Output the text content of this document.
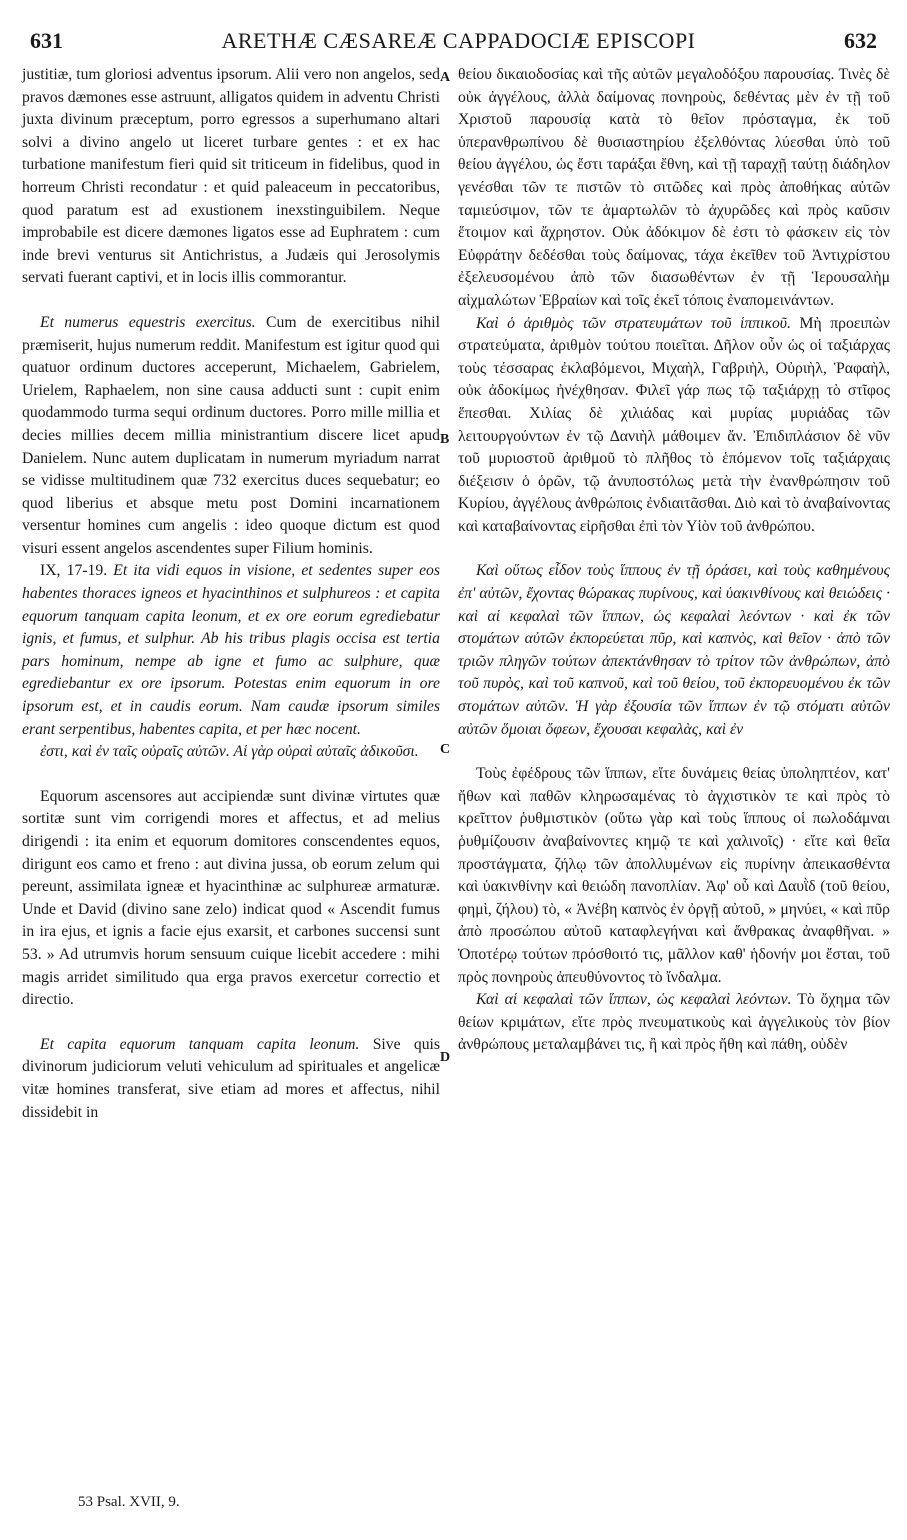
631	ARETHÆ CÆSAREÆ CAPPADOCIÆ EPISCOPI	632
A
B
C
D

justitiæ, tum gloriosi adventus ipsorum. Alii vero non angelos, sed pravos dæmones esse astruunt, alligatos quidem in adventu Christi juxta divinum præceptum, porro egressos a superhumano altari solvi a divino angelo ut liceret turbare gentes : et ex hac turbatione manifestum fieri quid sit triticeum in fidelibus, quod in horreum Christi recondatur : et quid paleaceum in peccatoribus, quod paratum est ad exustionem inexstinguibilem. Neque improbabile est dicere dæmones ligatos esse ad Euphratem : cum inde brevi venturus sit Antichristus, a Judæis qui Jerosolymis servati fuerant captivi, et in locis illis commorantur.

Et numerus equestris exercitus. Cum de exercitibus nihil præmiserit, hujus numerum reddit. Manifestum est igitur quod qui quatuor ordinum ductores acceperunt, Michaelem, Gabrielem, Urielem, Raphaelem, non sine causa adducti sunt : cupit enim quodammodo turma sequi ordinum ductores. Porro mille millia et decies millies decem millia ministrantium discere licet apud Danielem. Nunc autem duplicatam in numerum myriadum narrat se vidisse multitudinem quæ 732 exercitus duces sequebatur; eo quod liberius et absque metu post Domini incarnationem versentur homines cum angelis : ideo quoque dictum est quod visuri essent angelos ascendentes super Filium hominis.

IX, 17-19. Et ita vidi equos in visione, et sedentes super eos habentes thoraces igneos et hyacinthinos et sulphureos : et capita equorum tanquam capita leonum, et ex ore eorum egrediebatur ignis, et fumus, et sulphur. Ab his tribus plagis occisa est tertia pars hominum, nempe ab igne et fumo ac sulphure, quæ egrediebantur ex ore ipsorum. Potestas enim equorum in ore ipsorum est, et in caudis eorum. Nam caudæ ipsorum similes erant serpentibus, habentes capita, et per hæc nocent.

ἐστι, καὶ ἐν ταῖς οὐραῖς αὐτῶν. Αἱ γὰρ οὐραὶ αὐταῖς ἀδικοῦσι.

Equorum ascensores aut accipiendæ sunt divinæ virtutes quæ sortitæ sunt vim corrigendi mores et affectus, et ad melius dirigendi : ita enim et equorum domitores conscendentes equos, dirigunt eos camo et freno : aut divina jussa, ob eorum zelum qui pereunt, assimilata igneæ et hyacinthinæ ac sulphureæ armaturæ. Unde et David (divino sane zelo) indicat quod « Ascendit fumus in ira ejus, et ignis a facie ejus exarsit, et carbones succensi sunt 53. » Ad utrumvis horum sensuum cuique licebit accedere : mihi magis arridet similitudo qua erga pravos exercetur correctio et directio.

Et capita equorum tanquam capita leonum. Sive quis divinorum judiciorum veluti vehiculum ad spirituales et angelicæ vitæ homines transferat, sive etiam ad mores et affectus, nihil dissidebit in

θείου δικαιοδοσίας καὶ τῆς αὐτῶν μεγαλοδόξου παρουσίας. Τινὲς δὲ οὐκ ἀγγέλους, ἀλλὰ δαίμονας πονηροὺς, δεθέντας μὲν ἐν τῇ τοῦ Χριστοῦ παρουσίᾳ κατὰ τὸ θεῖον πρόσταγμα, ἐκ τοῦ ὑπερανθρωπίνου δὲ θυσιαστηρίου ἐξελθόντας λύεσθαι ὑπὸ τοῦ θείου ἀγγέλου, ὡς ἔστι ταράξαι ἔθνη, καὶ τῇ ταραχῇ ταύτῃ διάδηλον γενέσθαι τῶν τε πιστῶν τὸ σιτῶδες καὶ πρὸς ἀποθήκας αὐτῶν ταμιεύσιμον, τῶν τε ἁμαρτωλῶν τὸ ἀχυρῶδες καὶ πρὸς καῦσιν ἕτοιμον καὶ ἄχρηστον. Οὐκ ἀδόκιμον δὲ ἐστι τὸ φάσκειν εἰς τὸν Εὐφράτην δεδέσθαι τοὺς δαίμονας, τάχα ἐκεῖθεν τοῦ Ἀντιχρίστου ἐξελευσομένου ἀπὸ τῶν διασωθέντων ἐν τῇ Ἱερουσαλὴμ αἰχμαλώτων Ἑβραίων καὶ τοῖς ἐκεῖ τόποις ἐναπομεινάντων.

Καὶ ὁ ἀριθμὸς τῶν στρατευμάτων τοῦ ἱππικοῦ. Μὴ προειπὼν στρατεύματα, ἀριθμὸν τούτου ποιεῖται. Δῆλον οὖν ὡς οἱ ταξιάρχας τοὺς τέσσαρας ἐκλαβόμενοι, Μιχαὴλ, Γαβριὴλ, Οὐριὴλ, Ῥαφαὴλ, οὐκ ἀδοκίμως ἠνέχθησαν. Φιλεῖ γάρ πως τῷ ταξιάρχῃ τὸ στῖφος ἕπεσθαι. Χιλίας δὲ χιλιάδας καὶ μυρίας μυριάδας τῶν λειτουργούντων ἐν τῷ Δανιὴλ μάθοιμεν ἄν. Ἐπιδιπλάσιον δὲ νῦν τοῦ μυριοστοῦ ἀριθμοῦ τὸ πλῆθος τὸ ἑπόμενον τοῖς ταξιάρχαις διέξεισιν ὁ ὁρῶν, τῷ ἀνυποστόλως μετὰ τὴν ἐνανθρώπησιν τοῦ Κυρίου, ἀγγέλους ἀνθρώποις ἐνδιαιτᾶσθαι. Διὸ καὶ τὸ ἀναβαίνοντας καὶ καταβαίνοντας εἰρῆσθαι ἐπὶ τὸν Υἱὸν τοῦ ἀνθρώπου.

Καὶ οὕτως εἶδον τοὺς ἵππους ἐν τῇ ὁράσει, καὶ τοὺς καθημένους ἐπ' αὐτῶν, ἔχοντας θώρακας πυρίνους, καὶ ὑακινθίνους καὶ θειώδεις · καὶ αἱ κεφαλαὶ τῶν ἵππων, ὡς κεφαλαὶ λεόντων · καὶ ἐκ τῶν στομάτων αὐτῶν ἐκπορεύεται πῦρ, καὶ καπνὸς, καὶ θεῖον · ἀπὸ τῶν τριῶν πληγῶν τούτων ἀπεκτάνθησαν τὸ τρίτον τῶν ἀνθρώπων, ἀπὸ τοῦ πυρὸς, καὶ τοῦ καπνοῦ, καὶ τοῦ θείου, τοῦ ἐκπορευομένου ἐκ τῶν στομάτων αὐτῶν. Ἡ γὰρ ἐξουσία τῶν ἵππων ἐν τῷ στόματι αὐτῶν αὐτῶν ὅμοιαι ὄφεων, ἔχουσαι κεφαλὰς, καὶ ἐν

Τοὺς ἐφέδρους τῶν ἵππων, εἴτε δυνάμεις θείας ὑποληπτέον, κατ' ἤθων καὶ παθῶν κληρωσαμένας τὸ ἀγχιστικὸν τε καὶ πρὸς τὸ κρεῖττον ῥυθμιστικὸν (οὕτω γὰρ καὶ τοὺς ἵππους οἱ πωλοδάμναι ῥυθμίζουσιν ἀναβαίνοντες κημῷ τε καὶ χαλινοῖς) · εἴτε καὶ θεῖα προστάγματα, ζήλῳ τῶν ἀπολλυμένων εἰς πυρίνην ἀπεικασθέντα καὶ ὑακινθίνην καὶ θειώδη πανοπλίαν. Ἀφ' οὗ καὶ Δαυῒδ (τοῦ θείου, φημὶ, ζήλου) τὸ, « Ἀνέβη καπνὸς ἐν ὀργῇ αὐτοῦ, » μηνύει, « καὶ πῦρ ἀπὸ προσώπου αὐτοῦ καταφλεγήναι καὶ ἄνθρακας ἀναφθῆναι. » Ὁποτέρῳ τούτων πρόσθοιτό τις, μᾶλλον καθ' ἡδονήν μοι ἔσται, τοῦ πρὸς πονηροὺς ἀπευθύνοντος τὸ ἴνδαλμα.

Καὶ αἱ κεφαλαὶ τῶν ἵππων, ὡς κεφαλαὶ λεόντων. Τὸ ὄχημα τῶν θείων κριμάτων, εἴτε πρὸς πνευματικοὺς καὶ ἀγγελικοὺς τὸν βίον ἀνθρώπους μεταλαμβάνει τις, ἢ καὶ πρὸς ἤθη καὶ πάθη, οὐδὲν

53 Psal. XVII, 9.
